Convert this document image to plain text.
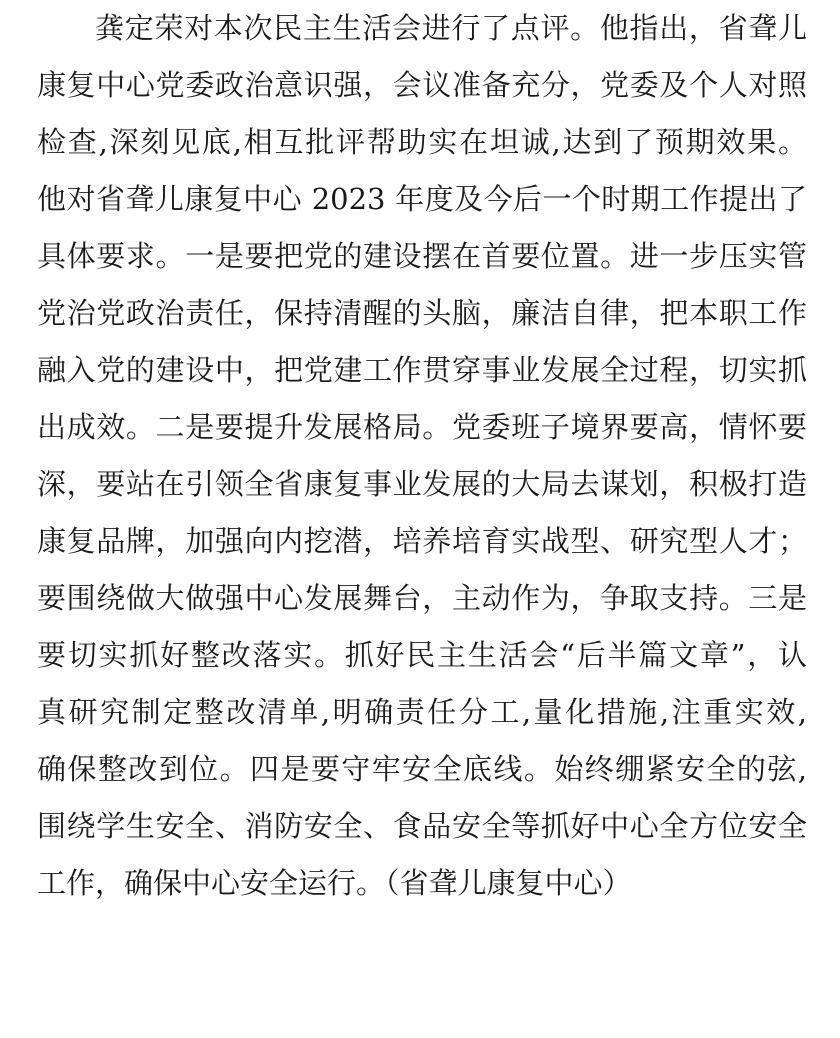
龚定荣对本次民主生活会进行了点评。他指出，省聋儿
康复中心党委政治意识强，会议准备充分，党委及个人对照
检查,深刻见底,相互批评帮助实在坦诚,达到了预期效果。
他对省聋儿康复中心 2023 年度及今后一个时期工作提出了
具体要求。一是要把党的建设摆在首要位置。进一步压实管
党治党政治责任，保持清醒的头脑，廉洁自律，把本职工作
融入党的建设中，把党建工作贯穿事业发展全过程，切实抓
出成效。二是要提升发展格局。党委班子境界要高，情怀要
深，要站在引领全省康复事业发展的大局去谋划，积极打造
康复品牌，加强向内挖潜，培养培育实战型、研究型人才；
要围绕做大做强中心发展舞台，主动作为，争取支持。三是
要切实抓好整改落实。抓好民主生活会“后半篇文章”，认
真研究制定整改清单,明确责任分工,量化措施,注重实效,
确保整改到位。四是要守牢安全底线。始终绷紧安全的弦,
围绕学生安全、消防安全、食品安全等抓好中心全方位安全
工作，确保中心安全运行。（省聋儿康复中心）
